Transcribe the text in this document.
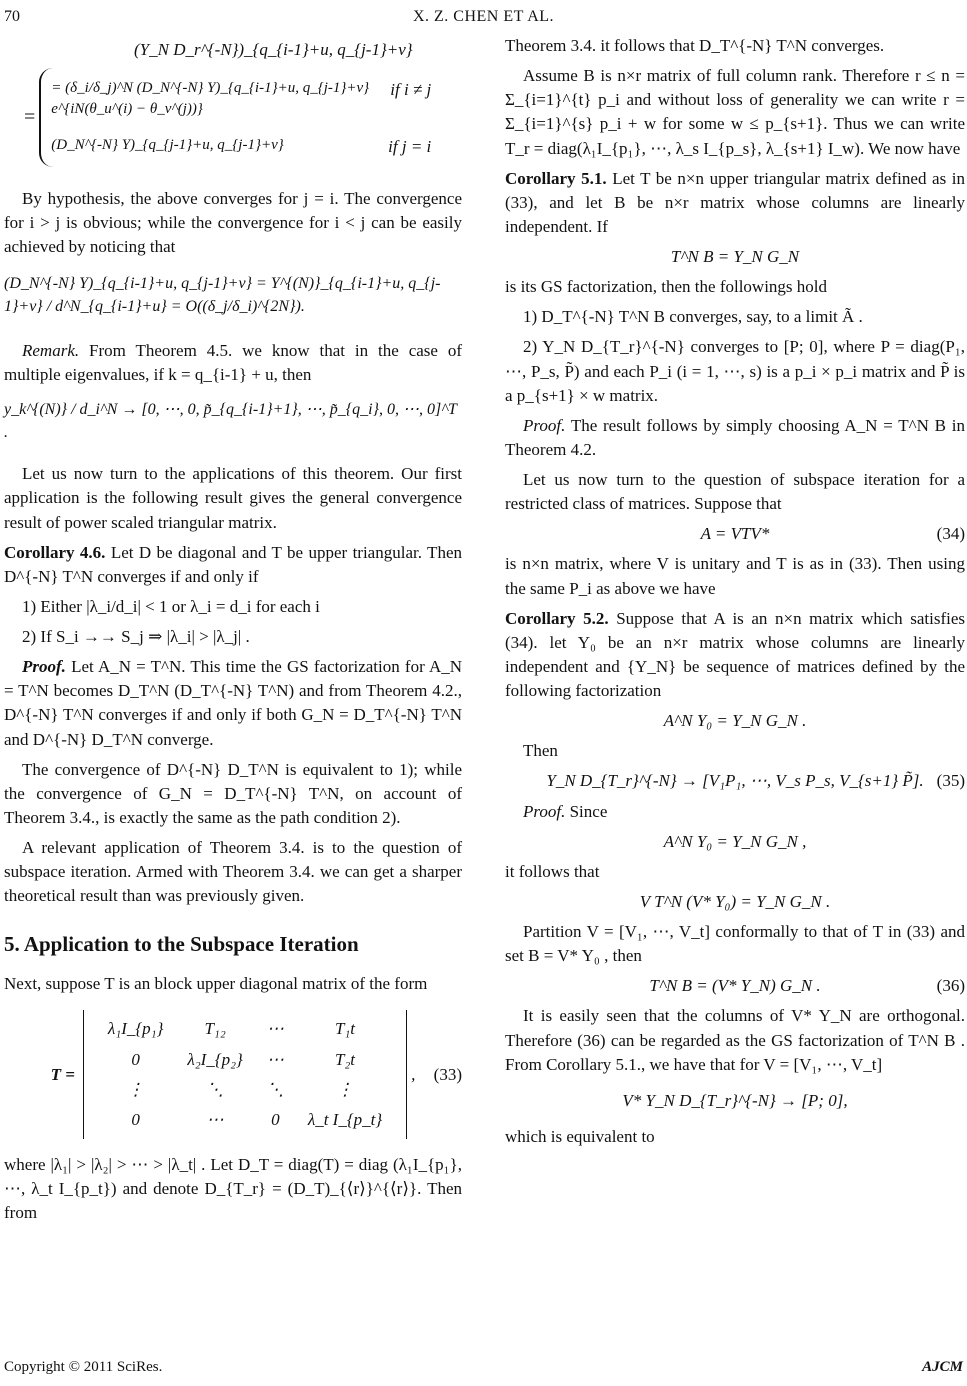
70	X. Z. CHEN ET AL.
(Y_N D_r^{-N})_{q_{i-1}+u, q_{j-1}+v}
=
= (δ_i/δ_j)^N (D_N^{-N} Y)_{q_{i-1}+u, q_{j-1}+v} e^{iN(θ_u^(i) − θ_v^(j))}
if i ≠ j
(D_N^{-N} Y)_{q_{j-1}+u, q_{j-1}+v}	if j = i

By hypothesis, the above converges for j = i. The convergence for i > j is obvious; while the convergence for i < j can be easily achieved by noticing that

(D_N^{-N} Y)_{q_{i-1}+u, q_{j-1}+v} = Y^{(N)}_{q_{i-1}+u, q_{j-1}+v} / d^N_{q_{i-1}+u} = O((δ_j/δ_i)^{2N}).

Remark. From Theorem 4.5. we know that in the case of multiple eigenvalues, if k = q_{i-1} + u, then

y_k^{(N)} / d_i^N → [0, ⋯, 0, p̃_{q_{i-1}+1}, ⋯, p̃_{q_i}, 0, ⋯, 0]^T .

Let us now turn to the applications of this theorem. Our first application is the following result gives the general convergence result of power scaled triangular matrix.

Corollary 4.6. Let D be diagonal and T be upper triangular. Then D^{-N} T^N converges if and only if

1) Either |λ_i/d_i| < 1 or λ_i = d_i for each i

2) If S_i →→ S_j ⇒ |λ_i| > |λ_j| .

Proof. Let A_N = T^N. This time the GS factorization for A_N = T^N becomes D_T^N (D_T^{-N} T^N) and from Theorem 4.2., D^{-N} T^N converges if and only if both G_N = D_T^{-N} T^N and D^{-N} D_T^N converge.

The convergence of D^{-N} D_T^N is equivalent to 1); while the convergence of G_N = D_T^{-N} T^N, on account of Theorem 3.4., is exactly the same as the path condition 2).

A relevant application of Theorem 3.4. is to the question of subspace iteration. Armed with Theorem 3.4. we can get a sharper theoretical result than was previously given.

5. Application to the Subspace Iteration

Next, suppose T is an block upper diagonal matrix of the form

T =
λ₁I_{p₁}	T₁₂	⋯	T₁t
0	λ₂I_{p₂}	⋯	T₂t
⋮	⋱	⋱	⋮
0	⋯	0	λ_t I_{p_t}
, (33)

where |λ₁| > |λ₂| > ⋯ > |λ_t| . Let D_T = diag(T) = diag (λ₁I_{p₁}, ⋯, λ_t I_{p_t}) and denote D_{T_r} = (D_T)_{⟨r⟩}^{⟨r⟩}. Then from

Theorem 3.4. it follows that D_T^{-N} T^N converges.

Assume B is n×r matrix of full column rank. Therefore r ≤ n = Σ_{i=1}^{t} p_i and without loss of generality we can write r = Σ_{i=1}^{s} p_i + w for some w ≤ p_{s+1}. Thus we can write T_r = diag(λ₁I_{p₁}, ⋯, λ_s I_{p_s}, λ_{s+1} I_w). We now have

Corollary 5.1. Let T be n×n upper triangular matrix defined as in (33), and let B be n×r matrix whose columns are linearly independent. If

T^N B = Y_N G_N

is its GS factorization, then the followings hold

1) D_T^{-N} T^N B converges, say, to a limit Ã .

2) Y_N D_{T_r}^{-N} converges to [P; 0], where P = diag(P₁, ⋯, P_s, P̃) and each P_i (i = 1, ⋯, s) is a p_i × p_i matrix and P̃ is a p_{s+1} × w matrix.

Proof. The result follows by simply choosing A_N = T^N B in Theorem 4.2.

Let us now turn to the question of subspace iteration for a restricted class of matrices. Suppose that

A = VTV*	(34)

is n×n matrix, where V is unitary and T is as in (33). Then using the same P_i as above we have

Corollary 5.2. Suppose that A is an n×n matrix which satisfies (34). let Y₀ be an n×r matrix whose columns are linearly independent and {Y_N} be sequence of matrices defined by the following factorization

A^N Y₀ = Y_N G_N .

Then

Y_N D_{T_r}^{-N} → [V₁P₁, ⋯, V_s P_s, V_{s+1} P̃]. (35)

Proof. Since

A^N Y₀ = Y_N G_N ,

it follows that

V T^N (V* Y₀) = Y_N G_N .

Partition V = [V₁, ⋯, V_t] conformally to that of T in (33) and set B = V* Y₀ , then

T^N B = (V* Y_N) G_N .	(36)

It is easily seen that the columns of V* Y_N are orthogonal. Therefore (36) can be regarded as the GS factorization of T^N B . From Corollary 5.1., we have that for V = [V₁, ⋯, V_t]

V* Y_N D_{T_r}^{-N} → [P; 0],

which is equivalent to

Copyright © 2011 SciRes.	AJCM
